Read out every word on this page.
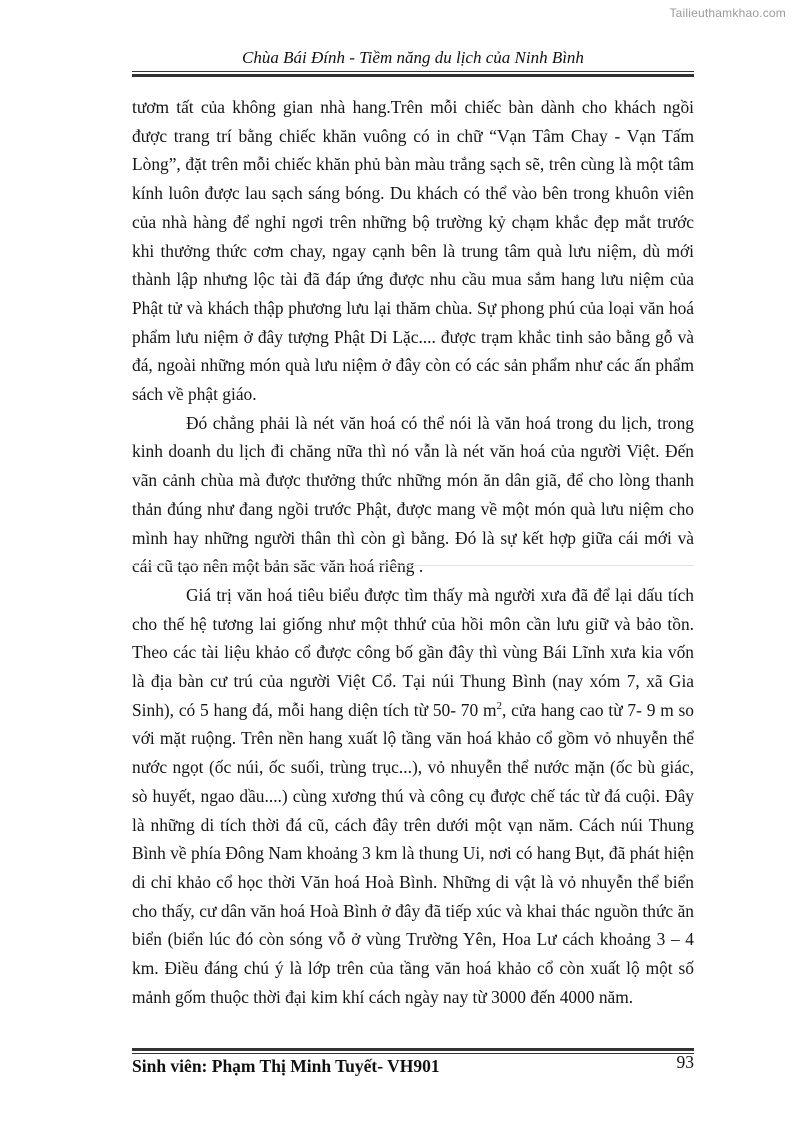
Tailieuthamkhao.com
Chùa Bái Đính - Tiềm năng du lịch của Ninh Bình

tươm tất của không gian nhà hang.Trên mỗi chiếc bàn dành cho khách ngồi được trang trí bằng chiếc khăn vuông có in chữ “Vạn Tâm Chay - Vạn Tấm Lòng”, đặt trên mỗi chiếc khăn phủ bàn màu trắng sạch sẽ, trên cùng là một tâm kính luôn được lau sạch sáng bóng. Du khách có thể vào bên trong khuôn viên của nhà hàng để nghỉ ngơi trên những bộ trường kỷ chạm khắc đẹp mắt trước khi thưởng thức cơm chay, ngay cạnh bên là trung tâm quà lưu niệm, dù mới thành lập nhưng lộc tài đã đáp ứng được nhu cầu mua sắm hang lưu niệm của Phật tử và khách thập phương lưu lại thăm chùa. Sự phong phú của loại văn hoá phẩm lưu niệm ở đây tượng Phật Di Lặc.... được trạm khắc tinh sảo bằng gỗ và đá, ngoài những món quà lưu niệm ở đây còn có các sản phẩm như các ấn phẩm sách về phật giáo.

Đó chẳng phải là nét văn hoá có thể nói là văn hoá trong du lịch, trong kinh doanh du lịch đi chăng nữa thì nó vẫn là nét văn hoá của người Việt. Đến vãn cảnh chùa mà được thưởng thức những món ăn dân giã, để cho lòng thanh thản đúng như đang ngồi trước Phật, được mang về một món quà lưu niệm cho mình hay những người thân thì còn gì bằng. Đó là sự kết hợp giữa cái mới và cái cũ tạo nên một bản săc văn hoá riêng .

Giá trị văn hoá tiêu biểu được tìm thấy mà người xưa đã để lại dấu tích cho thế hệ tương lai giống như một thhứ của hồi môn cần lưu giữ và bảo tồn. Theo các tài liệu khảo cổ được công bố gần đây thì vùng Bái Lĩnh xưa kia vốn là địa bàn cư trú của người Việt Cổ. Tại núi Thung Bình (nay xóm 7, xã Gia Sinh), có 5 hang đá, mỗi hang diện tích từ 50- 70 $m^2$, cửa hang cao từ 7- 9 m so với mặt ruộng. Trên nền hang xuất lộ tầng văn hoá khảo cổ gồm vỏ nhuyễn thể nước ngọt (ốc núi, ốc suối, trùng trục...), vỏ nhuyễn thể nước mặn (ốc bù giác, sò huyết, ngao dầu....) cùng xương thú và công cụ được chế tác từ đá cuội. Đây là những di tích thời đá cũ, cách đây trên dưới một vạn năm. Cách núi Thung Bình về phía Đông Nam khoảng 3 km là thung Ui, nơi có hang Bụt, đã phát hiện di chỉ khảo cổ học thời Văn hoá Hoà Bình. Những di vật là vỏ nhuyễn thể biển cho thấy, cư dân văn hoá Hoà Bình ở đây đã tiếp xúc và khai thác nguồn thức ăn biển (biển lúc đó còn sóng vỗ ở vùng Trường Yên, Hoa Lư cách khoảng 3 – 4 km. Điều đáng chú ý là lớp trên của tầng văn hoá khảo cổ còn xuất lộ một số mảnh gốm thuộc thời đại kim khí cách ngày nay từ 3000 đến 4000 năm.

Sinh viên: Phạm Thị Minh Tuyết- VH901	93
